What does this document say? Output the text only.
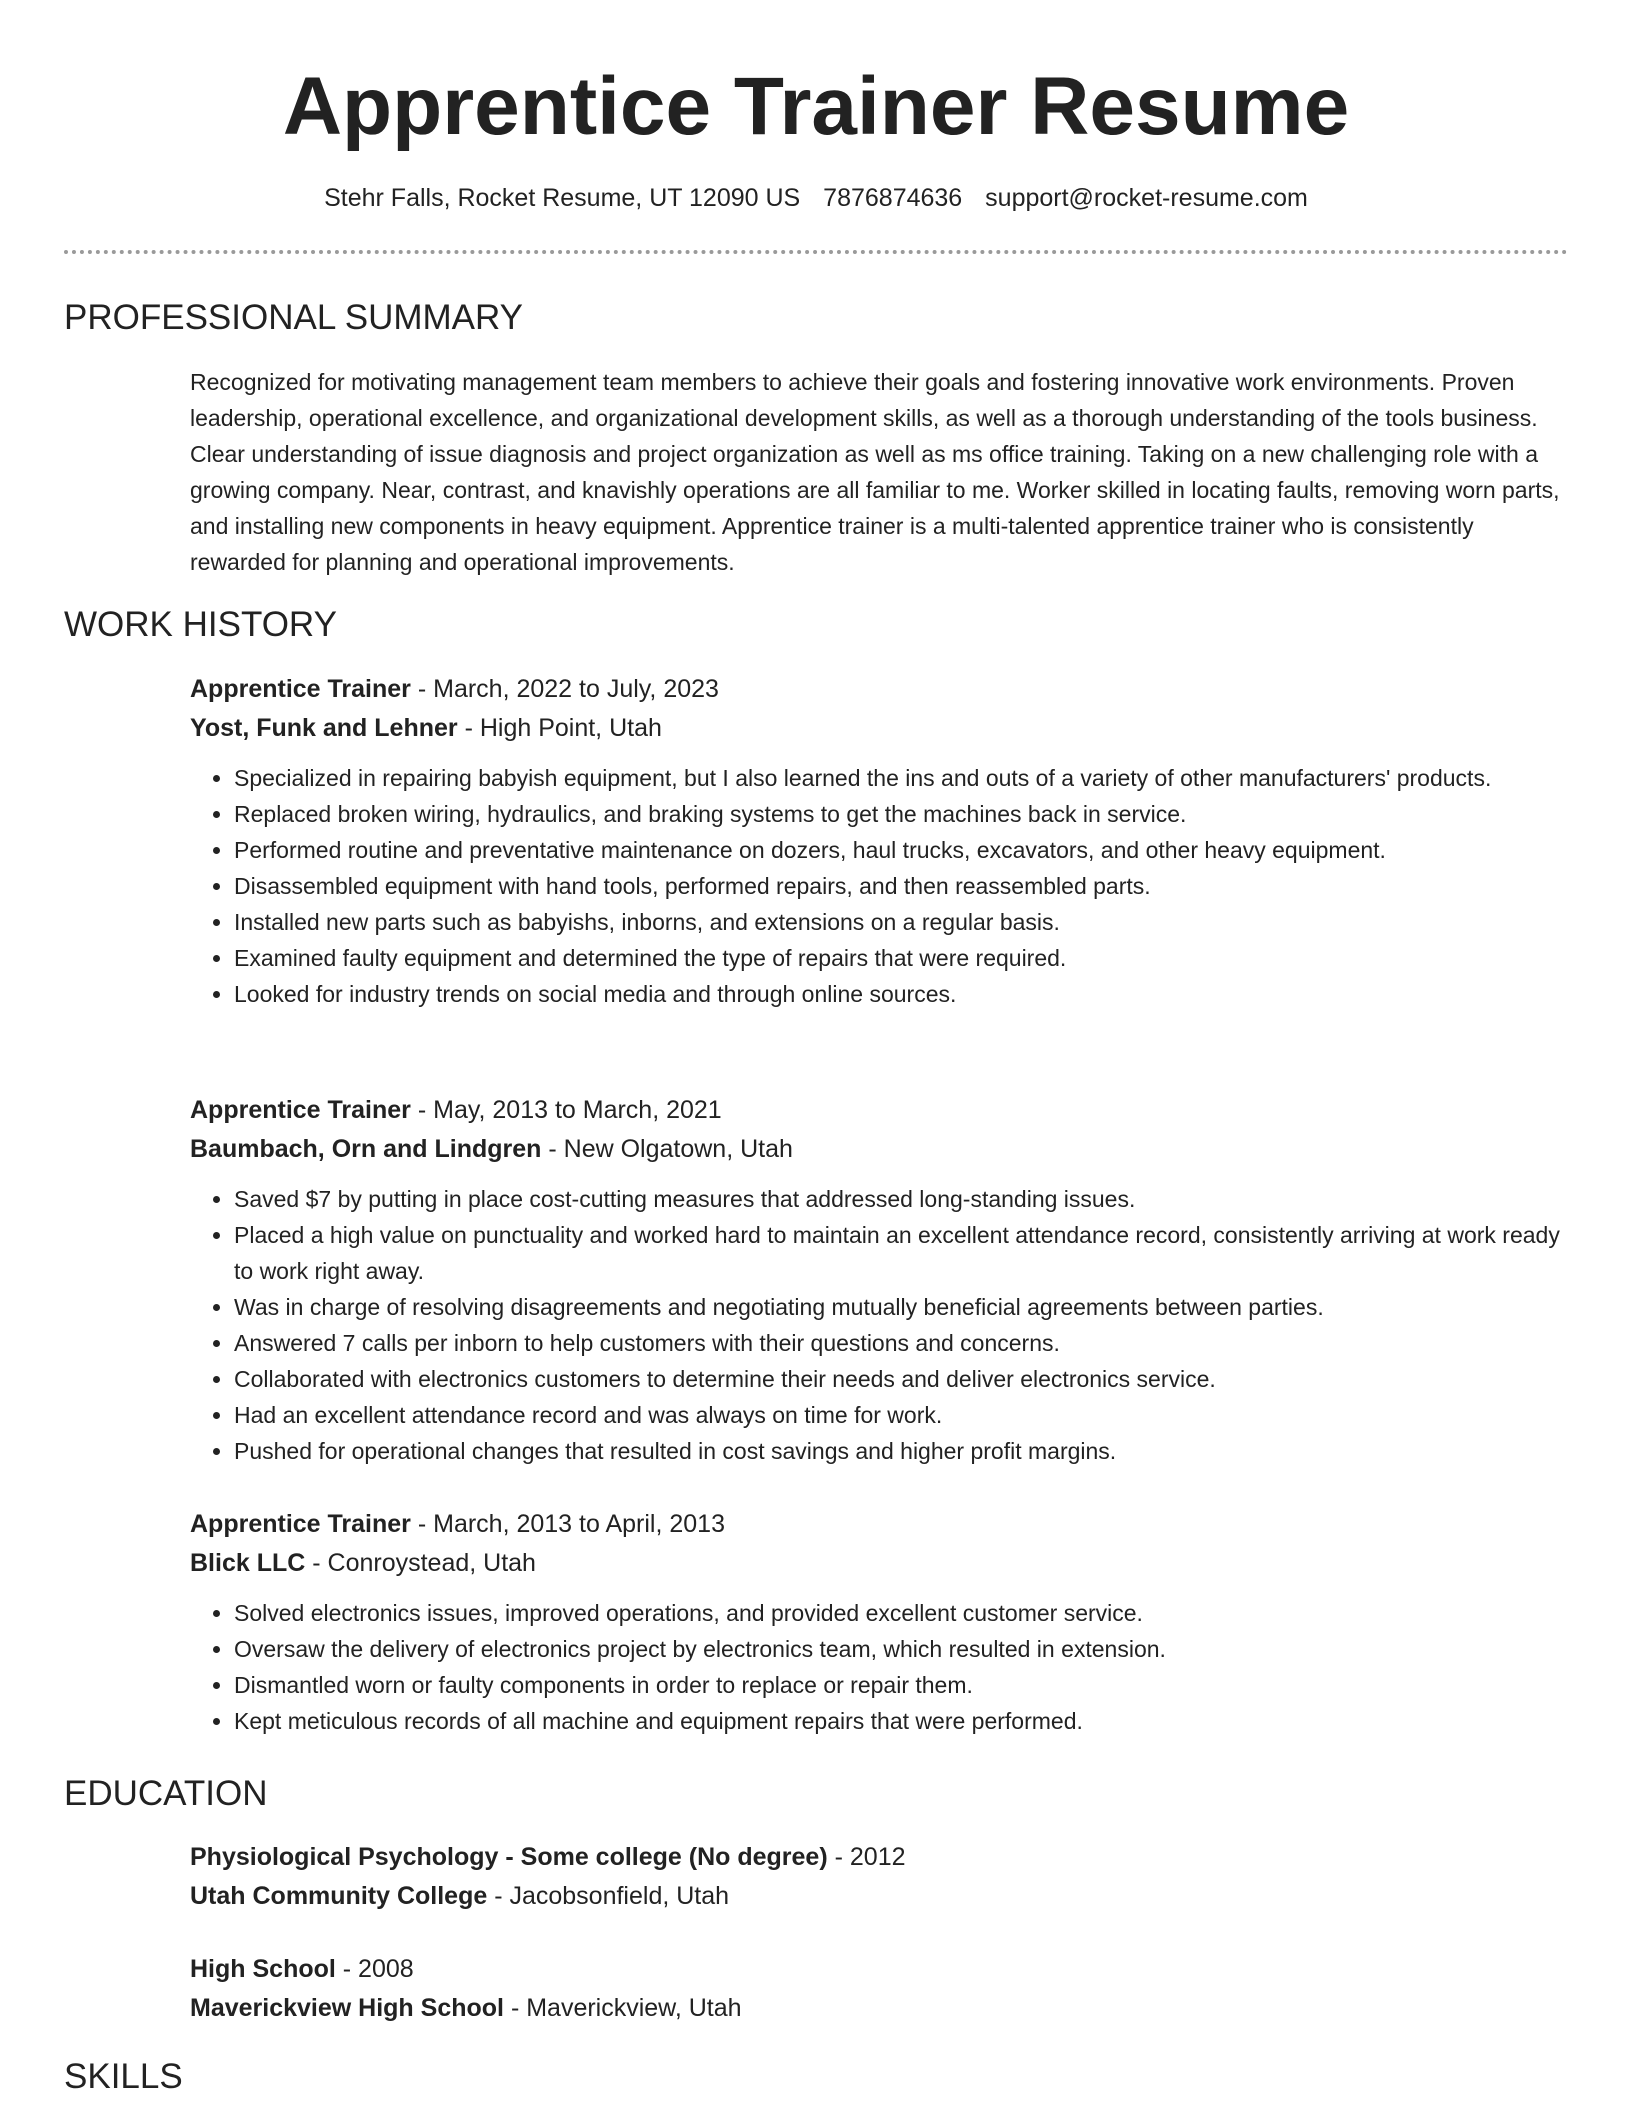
Apprentice Trainer Resume
Stehr Falls, Rocket Resume, UT 12090 US 7876874636 support@rocket-resume.com
PROFESSIONAL SUMMARY

Recognized for motivating management team members to achieve their goals and fostering innovative work environments. Proven leadership, operational excellence, and organizational development skills, as well as a thorough understanding of the tools business. Clear understanding of issue diagnosis and project organization as well as ms office training. Taking on a new challenging role with a growing company. Near, contrast, and knavishly operations are all familiar to me. Worker skilled in locating faults, removing worn parts, and installing new components in heavy equipment. Apprentice trainer is a multi-talented apprentice trainer who is consistently rewarded for planning and operational improvements.

WORK HISTORY
Apprentice Trainer - March, 2022 to July, 2023
Yost, Funk and Lehner - High Point, Utah
• Specialized in repairing babyish equipment, but I also learned the ins and outs of a variety of other manufacturers' products.
• Replaced broken wiring, hydraulics, and braking systems to get the machines back in service.
• Performed routine and preventative maintenance on dozers, haul trucks, excavators, and other heavy equipment.
• Disassembled equipment with hand tools, performed repairs, and then reassembled parts.
• Installed new parts such as babyishs, inborns, and extensions on a regular basis.
• Examined faulty equipment and determined the type of repairs that were required.
• Looked for industry trends on social media and through online sources.
Apprentice Trainer - May, 2013 to March, 2021
Baumbach, Orn and Lindgren - New Olgatown, Utah
• Saved $7 by putting in place cost-cutting measures that addressed long-standing issues.
• Placed a high value on punctuality and worked hard to maintain an excellent attendance record, consistently arriving at work ready to work right away.
• Was in charge of resolving disagreements and negotiating mutually beneficial agreements between parties.
• Answered 7 calls per inborn to help customers with their questions and concerns.
• Collaborated with electronics customers to determine their needs and deliver electronics service.
• Had an excellent attendance record and was always on time for work.
• Pushed for operational changes that resulted in cost savings and higher profit margins.
Apprentice Trainer - March, 2013 to April, 2013
Blick LLC - Conroystead, Utah
• Solved electronics issues, improved operations, and provided excellent customer service.
• Oversaw the delivery of electronics project by electronics team, which resulted in extension.
• Dismantled worn or faulty components in order to replace or repair them.
• Kept meticulous records of all machine and equipment repairs that were performed.
EDUCATION
Physiological Psychology - Some college (No degree) - 2012
Utah Community College - Jacobsonfield, Utah
High School - 2008
Maverickview High School - Maverickview, Utah
SKILLS
